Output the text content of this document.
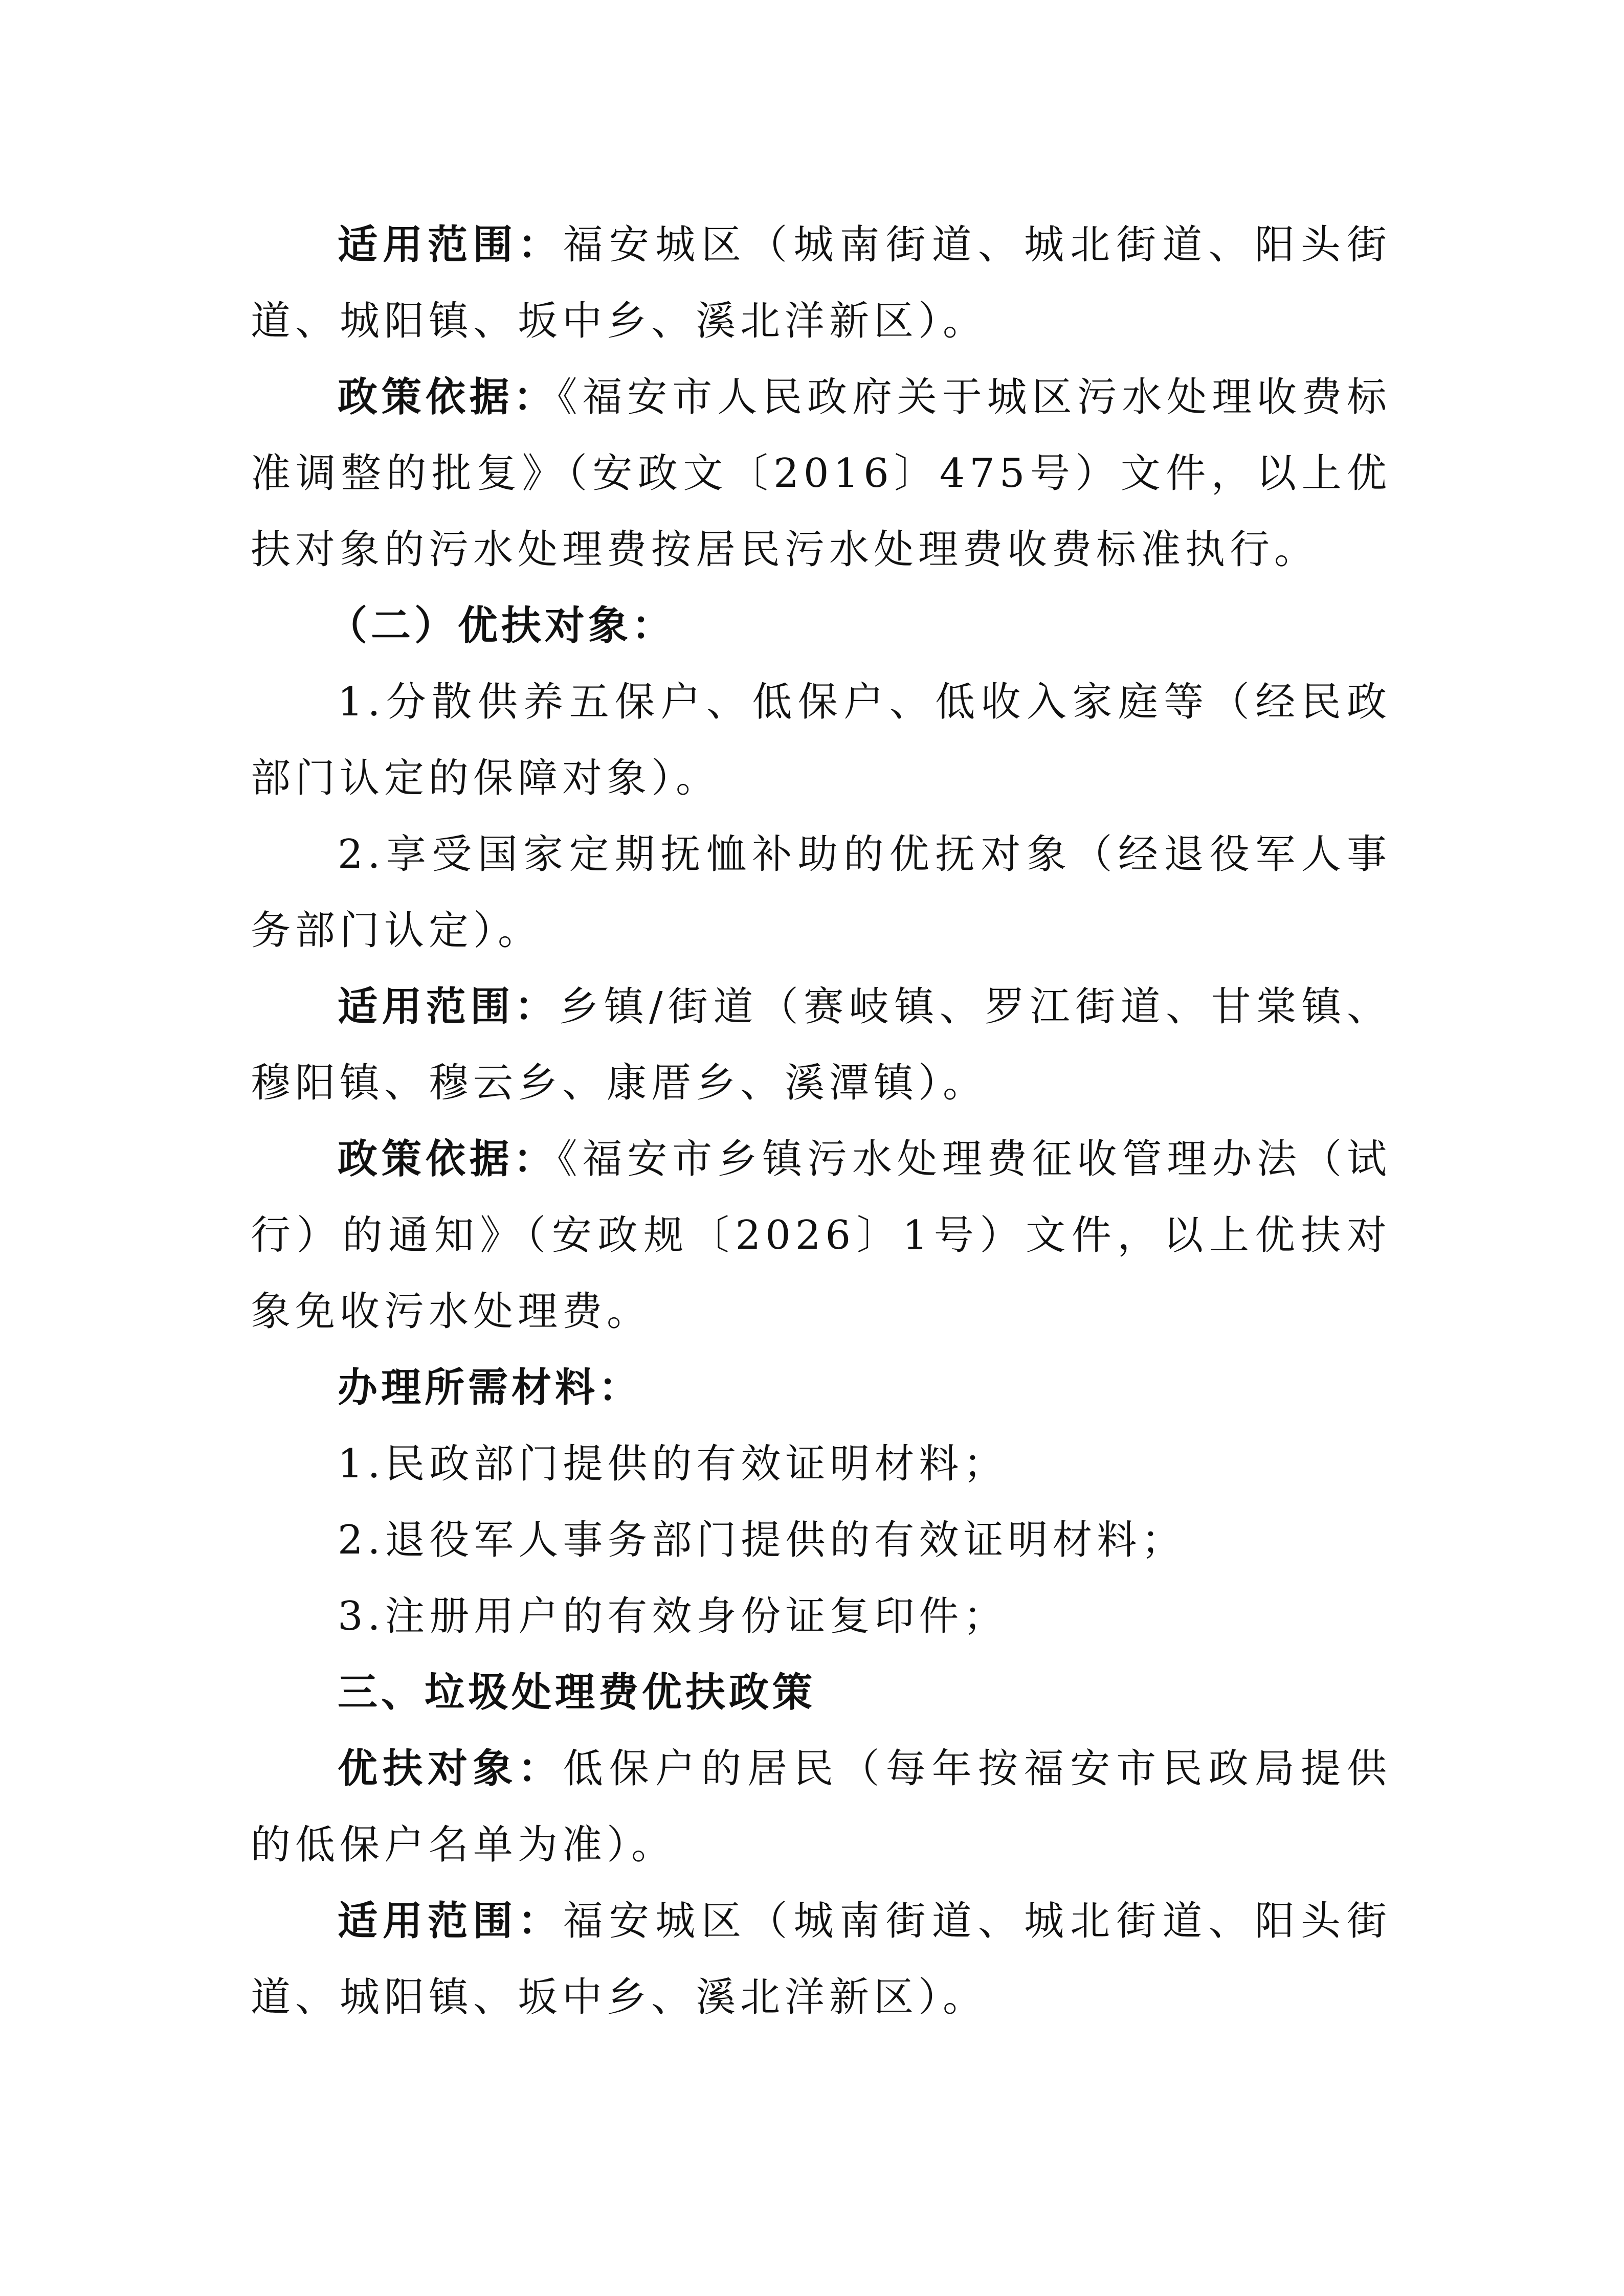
适用范围：福安城区（城南街道、城北街道、阳头街道、城阳镇、坂中乡、溪北洋新区）。

政策依据：《福安市人民政府关于城区污水处理收费标准调整的批复》（安政文〔2016〕475号）文件，以上优扶对象的污水处理费按居民污水处理费收费标准执行。

（二）优扶对象：

1.分散供养五保户、低保户、低收入家庭等（经民政部门认定的保障对象）。

2.享受国家定期抚恤补助的优抚对象（经退役军人事务部门认定）。

适用范围：乡镇/街道（赛岐镇、罗江街道、甘棠镇、穆阳镇、穆云乡、康厝乡、溪潭镇）。

政策依据：《福安市乡镇污水处理费征收管理办法（试行）的通知》（安政规〔2026〕1号）文件，以上优扶对象免收污水处理费。

办理所需材料：

1.民政部门提供的有效证明材料；

2.退役军人事务部门提供的有效证明材料；

3.注册用户的有效身份证复印件；

三、垃圾处理费优扶政策

优扶对象：低保户的居民（每年按福安市民政局提供的低保户名单为准）。

适用范围：福安城区（城南街道、城北街道、阳头街道、城阳镇、坂中乡、溪北洋新区）。
